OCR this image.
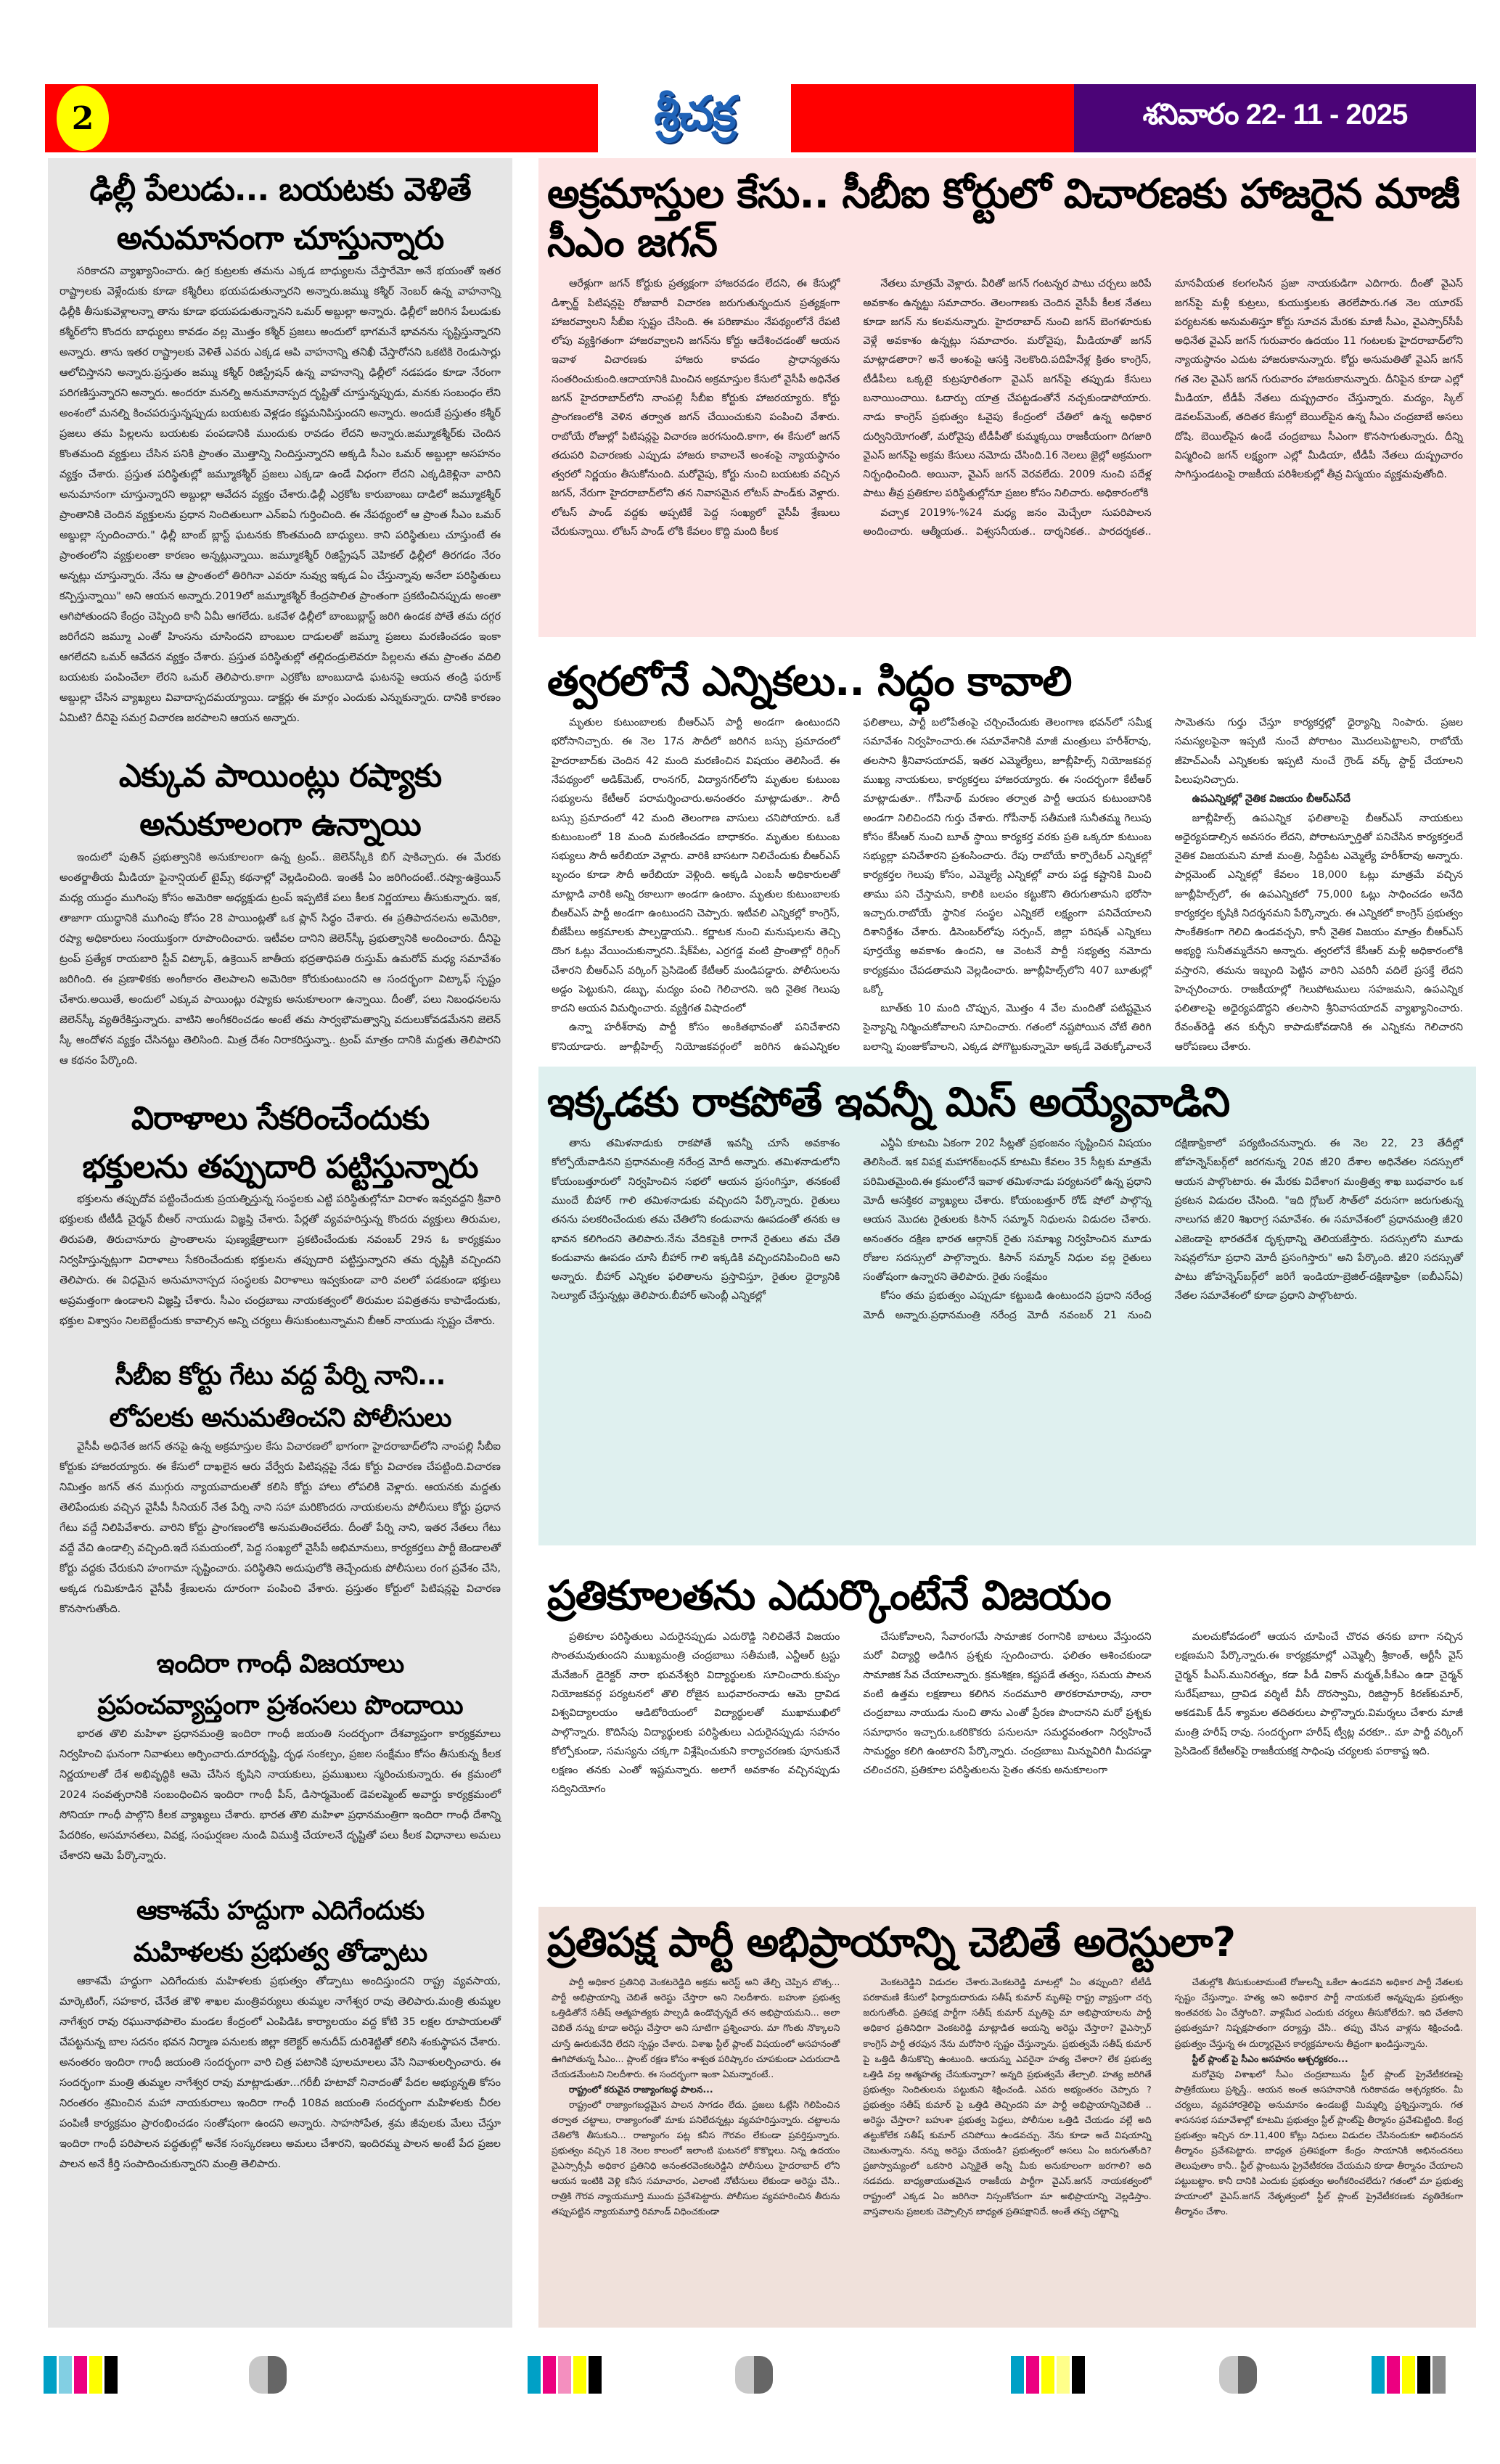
2	శ్రీచక్ర	శనివారం 22- 11 - 2025
ఢిల్లీ పేలుడు... బయటకు వెళితే
అనుమానంగా చూస్తున్నారు

సరికాదని వ్యాఖ్యానించారు. ఉగ్ర కుట్రలకు తమను ఎక్కడ బాధ్యులను చేస్తారేమో అనే భయంతో ఇతర రాష్ట్రాలకు వెళ్లేందుకు కూడా కశ్మీరీలు భయపడుతున్నారని అన్నారు.జమ్ము కశ్మీర్ నెంబర్ ఉన్న వాహనాన్ని ఢిల్లీకి తీసుకువెళ్లాలన్నా తాను కూడా భయపడుతున్నానని ఒమర్ అబ్దుల్లా అన్నారు. ఢిల్లీలో జరిగిన పేలుడుకు కశ్మీర్‌లోని కొందరు బాధ్యులు కావడం వల్ల మొత్తం కశ్మీర్ ప్రజలు అందులో భాగమనే భావనను సృష్టిస్తున్నారని అన్నారు. తాను ఇతర రాష్ట్రాలకు వెళితే ఎవరు ఎక్కడ ఆపి వాహనాన్ని తనిఖీ చేస్తారోనని ఒకటికి రెండుసార్లు ఆలోచిస్తానని అన్నారు.ప్రస్తుతం జమ్ము కశ్మీర్ రిజిస్ట్రేషన్ ఉన్న వాహనాన్ని ఢిల్లీలో నడపడం కూడా నేరంగా పరిగణిస్తున్నారని అన్నారు. అందరూ మనల్ని అనుమానాస్పద దృష్టితో చూస్తున్నప్పుడు, మనకు సంబంధం లేని అంశంలో మనల్ని కించపరుస్తున్నప్పుడు బయటకు వెళ్లడం కష్టమనిపిస్తుందని అన్నారు. అందుకే ప్రస్తుతం కశ్మీర్ ప్రజలు తమ పిల్లలను బయటకు పంపడానికి ముందుకు రావడం లేదని అన్నారు.జమ్మూకశ్మీర్‌కు చెందిన కొంతమంది వ్యక్తులు చేసిన పనికి ప్రాంతం మొత్తాన్ని నిందిస్తున్నారని అక్కడి సీఎం ఒమర్ అబ్దుల్లా అసహనం వ్యక్తం చేశారు. ప్రస్తుత పరిస్థితుల్లో జమ్మూకశ్మీర్ ప్రజలు ఎక్కడా ఉండే విధంగా లేదని ఎక్కడికెళ్లినా వారిని అనుమానంగా చూస్తున్నారని అబ్దుల్లా ఆవేదన వ్యక్తం చేశారు.ఢిల్లీ ఎర్రకోట కారుబాంబు దాడిలో జమ్మూకశ్మీర్ ప్రాంతానికి చెందిన వ్యక్తులను ప్రధాన నిందితులుగా ఎన్ఐఏ గుర్తించింది. ఈ నేపథ్యంలో ఆ ప్రాంత సీఎం ఒమర్ అబ్దుల్లా స్పందించారు." ఢిల్లీ బాంబ్ బ్లాస్ట్ ఘటనకు కొంతమంది బాధ్యులు. కాని పరిస్థితులు చూస్తుంటే ఈ ప్రాంతంలోని వ్యక్తులంతా కారణం అన్నట్లున్నాయి. జమ్మూకశ్మీర్ రిజిస్ట్రేషన్ వెహికల్ ఢిల్లీలో తిరగడం నేరం అన్నట్లు చూస్తున్నారు. నేను ఆ ప్రాంతంలో తిరిగినా ఎవరూ నువ్వు ఇక్కడ ఏం చేస్తున్నావు అనేలా పరిస్థితులు కన్పిస్తున్నాయి" అని ఆయన అన్నారు.2019లో జమ్మూకశ్మీర్ కేంద్రపాలిత ప్రాంతంగా ప్రకటించినప్పుడు అంతా ఆగిపోతుందని కేంద్రం చెప్పింది కానీ ఏమీ ఆగలేదు. ఒకవేళ ఢిల్లీలో బాంబుబ్లాస్ట్ జరిగి ఉండక పోతే తమ దగ్గర జరిగేదని జమ్మూ ఎంతో హింసను చూసిందని బాంబుల దాడులతో జమ్మూ ప్రజలు మరణించడం ఇంకా ఆగలేదని ఒమర్ ఆవేదన వ్యక్తం చేశారు. ప్రస్తుత పరిస్థితుల్లో తల్లిదండ్రులెవరూ పిల్లలను తమ ప్రాంతం వదిలి బయటకు పంపించేలా లేరని ఒమర్ తెలిపారు.కాగా ఎర్రకోట బాంబుదాడి ఘటనపై ఆయన తండ్రి ఫరూక్ అబ్దుల్లా చేసిన వ్యాఖ్యలు వివాదాస్పదమయ్యాయి. డాక్టర్లు ఈ మార్గం ఎందుకు ఎన్నుకున్నారు. దానికి కారణం ఏమిటి? దీనిపై సమగ్ర విచారణ జరపాలని ఆయన అన్నారు.

ఎక్కువ పాయింట్లు రష్యాకు
అనుకూలంగా ఉన్నాయి

ఇందులో పుతిన్ ప్రభుత్వానికి అనుకూలంగా ఉన్న ట్రంప్.. జెలెన్‌స్కీకి బిగ్ షాకిచ్చారు. ఈ మేరకు అంతర్జాతీయ మీడియా ఫైనాన్షియల్ టైమ్స్ కథనాల్లో వెల్లడించింది. ఇంతకీ ఏం జరిగిందంటే..రష్యా-ఉక్రెయిన్ మధ్య యుద్ధం ముగింపు కోసం అమెరికా అధ్యక్షుడు ట్రంప్ ఇప్పటికే పలు కీలక నిర్ణయాలు తీసుకున్నారు. ఇక, తాజాగా యుద్ధానికి ముగింపు కోసం 28 పాయింట్లతో ఒక ప్లాన్ సిద్ధం చేశారు. ఈ ప్రతిపాదనలను అమెరికా, రష్యా అధికారులు సంయుక్తంగా రూపొందించారు. ఇటీవల దానిని జెలెన్‌స్కీ ప్రభుత్వానికి అందించారు. దీనిపై ట్రంప్ ప్రత్యేక రాయబారి స్టీవ్ విట్కాఫ్, ఉక్రెయిన్ జాతీయ భద్రతాధిపతి రుస్తుమ్ ఉమరోవ్ మధ్య సమావేశం జరిగింది. ఈ ప్రణాళికకు అంగీకారం తెలపాలని అమెరికా కోరుకుంటుందని ఆ సందర్భంగా విట్కాఫ్ స్పష్టం చేశారు.అయితే, అందులో ఎక్కువ పాయింట్లు రష్యాకు అనుకూలంగా ఉన్నాయి. దీంతో, పలు నిబంధనలను జెలెన్‌స్కీ వ్యతిరేకిస్తున్నారు. వాటిని అంగీకరించడం అంటే తమ సార్వభౌమత్వాన్ని వదులుకోవడమేనని జెలెన్ స్కీ ఆందోళన వ్యక్తం చేసినట్టు తెలిసింది. మిత్ర దేశం నిరాకరిస్తున్నా.. ట్రంప్ మాత్రం దానికి మద్దతు తెలిపారని ఆ కథనం పేర్కొంది.

విరాళాలు సేకరించేందుకు
భక్తులను తప్పుదారి పట్టిస్తున్నారు

భక్తులను తప్పుదోవ పట్టించేందుకు ప్రయత్నిస్తున్న సంస్థలకు ఎట్టి పరిస్థితుల్లోనూ విరాళం ఇవ్వవద్దని శ్రీవారి భక్తులకు టీటీడీ చైర్మన్ బీఆర్ నాయుడు విజ్ఞప్తి చేశారు. పేర్లతో వ్యవహరిస్తున్న కొందరు వ్యక్తులు తిరుమల, తిరుపతి, తిరుచానూరు ప్రాంతాలను పుణ్యక్షేత్రాలుగా ప్రకటించేందుకు నవంబర్ 29న ఓ కార్యక్రమం నిర్వహిస్తున్నట్లుగా విరాళాలు సేకరించేందుకు భక్తులను తప్పుదారి పట్టిస్తున్నారని తమ దృష్టికి వచ్చిందని తెలిపారు. ఈ విధమైన అనుమానాస్పద సంస్థలకు విరాళాలు ఇవ్వకుండా వారి వలలో పడకుండా భక్తులు అప్రమత్తంగా ఉండాలని విజ్ఞప్తి చేశారు. సీఎం చంద్రబాబు నాయకత్వంలో తిరుమల పవిత్రతను కాపాడేందుకు, భక్తుల విశ్వాసం నిలబెట్టేందుకు కావాల్సిన అన్ని చర్యలు తీసుకుంటున్నామని బీఆర్ నాయుడు స్పష్టం చేశారు.

సీబీఐ కోర్టు గేటు వద్ద పేర్ని నాని...
లోపలకు అనుమతించని పోలీసులు

వైసీపీ అధినేత జగన్ తనపై ఉన్న అక్రమాస్తుల కేసు విచారణలో భాగంగా హైదరాబాద్‌లోని నాంపల్లి సీబీఐ కోర్టుకు హాజరయ్యారు. ఈ కేసులో దాఖలైన ఆరు వేర్వేరు పిటిషన్లపై నేడు కోర్టు విచారణ చేపట్టింది.విచారణ నిమిత్తం జగన్ తన ముగ్గురు న్యాయవాదులతో కలిసి కోర్టు హాలు లోపలికి వెళ్లారు. ఆయనకు మద్దతు తెలిపేందుకు వచ్చిన వైసీపీ సీనియర్ నేత పేర్ని నాని సహా మరికొందరు నాయకులను పోలీసులు కోర్టు ప్రధాన గేటు వద్దే నిలిపివేశారు. వారిని కోర్టు ప్రాంగణంలోకి అనుమతించలేదు. దీంతో పేర్ని నాని, ఇతర నేతలు గేటు వద్దే వేచి ఉండాల్సి వచ్చింది.ఇదే సమయంలో, పెద్ద సంఖ్యలో వైసీపీ అభిమానులు, కార్యకర్తలు పార్టీ జెండాలతో కోర్టు వద్దకు చేరుకుని హంగామా సృష్టించారు. పరిస్థితిని అదుపులోకి తెచ్చేందుకు పోలీసులు రంగ ప్రవేశం చేసి, అక్కడ గుమికూడిన వైసీపీ శ్రేణులను దూరంగా పంపించి వేశారు. ప్రస్తుతం కోర్టులో పిటిషన్లపై విచారణ కొనసాగుతోంది.

ఇందిరా గాంధీ విజయాలు
ప్రపంచవ్యాప్తంగా ప్రశంసలు పొందాయి

భారత తొలి మహిళా ప్రధానమంత్రి ఇందిరా గాంధీ జయంతి సందర్భంగా దేశవ్యాప్తంగా కార్యక్రమాలు నిర్వహించి ఘనంగా నివాళులు అర్పించారు.దూరదృష్టి, దృఢ సంకల్పం, ప్రజల సంక్షేమం కోసం తీసుకున్న కీలక నిర్ణయాలతో దేశ అభివృద్ధికి ఆమె చేసిన కృషిని నాయకులు, ప్రముఖులు స్మరించుకున్నారు. ఈ క్రమంలో 2024 సంవత్సరానికి సంబంధించిన ఇందిరా గాంధీ పీస్, డిసార్మమెంట్ డెవలప్మెంట్ అవార్డు కార్యక్రమంలో సోనియా గాంధీ పాల్గొని కీలక వ్యాఖ్యలు చేశారు. భారత తొలి మహిళా ప్రధానమంత్రిగా ఇందిరా గాంధీ దేశాన్ని పేదరికం, అసమానతలు, వివక్ష, సంఘర్షణల నుండి విముక్తి చేయాలనే దృష్టితో పలు కీలక విధానాలు అమలు చేశారని ఆమె పేర్కొన్నారు.

ఆకాశమే హద్దుగా ఎదిగేందుకు
మహిళలకు ప్రభుత్వ తోడ్పాటు

ఆకాశమే హద్దుగా ఎదిగేందుకు మహిళలకు ప్రభుత్వం తోడ్పాటు అందిస్తుందని రాష్ట్ర వ్యవసాయ, మార్కెటింగ్, సహకార, చేనేత జౌళి శాఖల మంత్రివర్యులు తుమ్మల నాగేశ్వర రావు తెలిపారు.మంత్రి తుమ్మల నాగేశ్వర రావు రఘునాథపాలెం మండల కేంద్రంలో ఎంపిడిఓ కార్యాలయం వద్ద కోటి 35 లక్షల రూపాయలతో చేపట్టనున్న బాల సదనం భవన నిర్మాణ పనులకు జిల్లా కలెక్టర్ అనుదీప్ దురిశెట్టితో కలిసి శంకుస్థాపన చేశారు. అనంతరం ఇందిరా గాంధీ జయంతి సందర్భంగా వారి చిత్ర పటానికి పూలమాలలు వేసి నివాళులర్పించారు. ఈ సందర్భంగా మంత్రి తుమ్మల నాగేశ్వర రావు మాట్లాడుతూ...గరీబీ హటావో నినాదంతో పేదల అభ్యున్నతి కోసం నిరంతరం శ్రమించిన మహా నాయకురాలు ఇందిరా గాంధీ 108వ జయంతి సందర్భంగా మహిళలకు చీరల పంపిణీ కార్యక్రమం ప్రారంభించడం సంతోషంగా ఉందని అన్నారు. సాహసోపేత, శ్రమ జీవులకు మేలు చేస్తూ ఇందిరా గాంధీ పరిపాలన పద్ధతుల్లో అనేక సంస్కరణలు అమలు చేశారని, ఇందిరమ్మ పాలన అంటే పేద ప్రజల పాలన అనే కీర్తి సంపాదించుకున్నారని మంత్రి తెలిపారు.

అక్రమాస్తుల కేసు.. సీబీఐ కోర్టులో విచారణకు హాజరైన మాజీ సీఎం జగన్

ఆరేళ్లుగా జగన్ కోర్టుకు ప్రత్యక్షంగా హాజరవడం లేదని, ఈ కేసుల్లో డిశ్చార్జ్ పిటిషన్లపై రోజువారీ విచారణ జరుగుతున్నందున ప్రత్యక్షంగా హాజరవ్వాలని సీబీఐ స్పష్టం చేసింది. ఈ పరిణామం నేపథ్యంలోనే రేపటి లోపు వ్యక్తిగతంగా హాజరవ్వాలని జగన్‌ను కోర్టు ఆదేశించడంతో ఆయన ఇవాళ విచారణకు హాజరు కావడం ప్రాధాన్యతను సంతరించుకుంది.ఆదాయానికి మించిన అక్రమాస్తుల కేసులో వైసీపీ అధినేత జగన్ హైదరాబాద్‌లోని నాంపల్లి సీబీఐ కోర్టుకు హాజరయ్యారు. కోర్టు ప్రాంగణంలోకి వెళిన తర్వాత జగన్ చేయించుకుని పంపించి వేశారు. రాబోయే రోజుల్లో పిటిషన్లపై విచారణ జరగనుంది.కాగా, ఈ కేసులో జగన్ తదుపరి విచారణకు ఎప్పుడు హాజరు కావాలనే అంశంపై న్యాయస్థానం త్వరలో నిర్ణయం తీసుకోనుంది. మరోవైపు, కోర్టు నుంచి బయటకు వచ్చిన జగన్, నేరుగా హైదరాబాద్‌లోని తన నివాసమైన లోటస్ పాండ్‌కు వెళ్లారు. లోటస్ పాండ్ వద్దకు అప్పటికే పెద్ద సంఖ్యలో వైసీపీ శ్రేణులు చేరుకున్నాయి. లోటస్ పాండ్ లోకి కేవలం కొద్ది మంది కీలక

నేతలు మాత్రమే వెళ్లారు. వీరితో జగన్ గంటన్నర పాటు చర్చలు జరిపే అవకాశం ఉన్నట్టు సమాచారం. తెలంగాణకు చెందిన వైసీపీ కీలక నేతలు కూడా జగన్ ను కలవనున్నారు. హైదరాబాద్ నుంచి జగన్ బెంగళూరుకు వెళ్లే అవకాశం ఉన్నట్లు సమాచారం. మరోవైపు, మీడియాతో జగన్ మాట్లాడతారా? అనే అంశంపై ఆసక్తి నెలకొంది.పదిహేనేళ్ల క్రితం కాంగ్రెస్, టీడీపీలు ఒక్కటై కుట్రపూరితంగా వైఎస్ జగన్‌పై తప్పుడు కేసులు బనాయించాయి. ఓదార్పు యాత్ర చేపట్టడంతోనే నచ్చకుండాపోయారు. నాడు కాంగ్రెస్ ప్రభుత్వం ఓవైపు కేంద్రంలో చేతిలో ఉన్న అధికార దుర్వినియోగంతో, మరోవైపు టీడీపీతో కుమ్మక్కయి రాజకీయంగా దిగజారి వైఎస్ జగన్‌పై అక్రమ కేసులు నమోదు చేసింది.16 నెలలు జైల్లో అక్రమంగా నిర్బంధించింది. అయినా, వైఎస్ జగన్ వెరవలేదు. 2009 నుంచి పదేళ్ల పాటు తీవ్ర ప్రతికూల పరిస్థితుల్లోనూ ప్రజల కోసం నిలిచారు. అధికారంలోకి

వచ్చాక 2019%-%24 మధ్య జనం మెచ్చేలా సుపరిపాలన అందించారు. ఆత్మీయత.. విశ్వసనీయత.. దార్శనికత.. పారదర్శకత.. మానవీయత కలగలసిన ప్రజా నాయకుడిగా ఎదిగారు. దీంతో వైఎస్ జగన్‌పై మళ్లీ కుట్రలు, కుయుక్తులకు తెరలేపారు.గత నెల యూరప్ పర్యటనకు అనుమతిస్తూ కోర్టు సూచన మేరకు మాజీ సీఎం, వైఎస్సార్‌సీపీ అధినేత వైఎస్ జగన్ గురువారం ఉదయం 11 గంటలకు హైదరాబాద్‌లోని న్యాయస్థానం ఎదుట హాజరుకానున్నారు. కోర్టు అనుమతితో వైఎస్ జగన్ గత నెల వైఎస్ జగన్ గురువారం హాజరుకానున్నారు. దీనిపైన కూడా ఎల్లో మీడియా, టీడీపీ నేతలు దుష్ప్రచారం చేస్తున్నారు. మద్యం, స్కిల్ డెవలప్‌మెంట్, తదితర కేసుల్లో బెయిల్‌పైన ఉన్న సీఎం చంద్రబాబే అసలు దోషి. బెయిల్‌పైన ఉండే చంద్రబాబు సీఎంగా కొనసాగుతున్నారు. దీన్ని విస్మరించి జగన్ లక్ష్యంగా ఎల్లో మీడియా, టీడీపీ నేతలు దుష్ప్రచారం సాగిస్తుండటంపై రాజకీయ పరిశీలకుల్లో తీవ్ర విస్మయం వ్యక్తమవుతోంది.

త్వరలోనే ఎన్నికలు.. సిద్ధం కావాలి

మృతుల కుటుంబాలకు బీఆర్ఎస్ పార్టీ అండగా ఉంటుందని భరోసానిచ్చారు. ఈ నెల 17న సౌదీలో జరిగిన బస్సు ప్రమాదంలో హైదరాబాద్‌కు చెందిన 42 మంది మరణించిన విషయం తెలిసిందే. ఈ నేపథ్యంలో అడిక్‌మెట్, రాంనగర్, విద్యానగర్‌లోని మృతుల కుటుంబ సభ్యులను కేటీఆర్ పరామర్శించారు.అనంతరం మాట్లాడుతూ.. సౌదీ బస్సు ప్రమాదంలో 42 మంది తెలంగాణ వాసులు చనిపోయారు. ఒకే కుటుంబంలో 18 మంది మరణించడం బాధాకరం. మృతుల కుటుంబ సభ్యులు సౌదీ అరేబియా వెళ్లారు. వారికి బాసటగా నిలిచేందుకు బీఆర్ఎస్ బృందం కూడా సౌదీ అరేబియా వెళ్లింది. అక్కడి ఎంబసీ అధికారులతో మాట్లాడి వారికి అన్ని రకాలుగా అండగా ఉంటాం. మృతుల కుటుంబాలకు బీఆర్ఎస్ పార్టీ అండగా ఉంటుందని చెప్పారు. ఇటీవలి ఎన్నికల్లో కాంగ్రెస్, బీజేపీలు అక్రమాలకు పాల్పడ్డాయని.. కర్ణాటక నుంచి మనుషులను తెచ్చి దొంగ ఓట్లు వేయించుకున్నారని..షేక్‌పేట, ఎర్రగడ్డ వంటి ప్రాంతాల్లో రిగ్గింగ్ చేశారని బీఆర్ఎస్ వర్కింగ్ ప్రెసిడెంట్ కేటీఆర్ మండిపడ్డారు. పోలీసులను అడ్డం పెట్టుకుని, డబ్బు, మద్యం పంచి గెలిచారని. ఇది నైతిక గెలుపు కాదని ఆయన విమర్శించారు. వ్యక్తిగత విషాదంలో

ఉన్నా హరీశ్‌రావు పార్టీ కోసం అంకితభావంతో పనిచేశారని కొనియాడారు. జూబ్లీహిల్స్ నియోజకవర్గంలో జరిగిన ఉపఎన్నికల ఫలితాలు, పార్టీ బలోపేతంపై చర్చించేందుకు తెలంగాణ భవన్‌లో సమీక్ష సమావేశం నిర్వహించారు.ఈ సమావేశానికి మాజీ మంత్రులు హరీశ్‌రావు, తలసాని శ్రీనివాసయాదవ్, ఇతర ఎమ్మెల్యేలు, జూబ్లీహిల్స్ నియోజకవర్గ ముఖ్య నాయకులు, కార్యకర్తలు హాజరయ్యారు. ఈ సందర్భంగా కేటీఆర్ మాట్లాడుతూ.. గోపీనాథ్ మరణం తర్వాత పార్టీ ఆయన కుటుంబానికి అండగా నిలిచిందని గుర్తు చేశారు. గోపీనాథ్ సతీమణి సునీతమ్మ గెలుపు కోసం కేసీఆర్ నుంచి బూత్ స్థాయి కార్యకర్త వరకు ప్రతి ఒక్కరూ కుటుంబ సభ్యుల్లా పనిచేశారని ప్రశంసించారు. రేపు రాబోయే కార్పొరేటర్ ఎన్నికల్లో కార్యకర్తల గెలుపు కోసం, ఎమ్మెల్యే ఎన్నికల్లో వారు పడ్డ కష్టానికి మించి తాము పని చేస్తామని, కాలికి బలపం కట్టుకొని తిరుగుతామని భరోసా ఇచ్చారు.రాబోయే స్థానిక సంస్థల ఎన్నికలే లక్ష్యంగా పనిచేయాలని దిశానిర్దేశం చేశారు. డిసెంబర్‌లోపు సర్పంచ్, జిల్లా పరిషత్ ఎన్నికలు పూర్తయ్యే అవకాశం ఉందని, ఆ వెంటనే పార్టీ సభ్యత్వ నమోదు కార్యక్రమం చేపడతామని వెల్లడించారు. జూబ్లీహిల్స్‌లోని 407 బూతుల్లో ఒక్కో

బూత్‌కు 10 మంది చొప్పున, మొత్తం 4 వేల మందితో పటిష్టమైన సైన్యాన్ని నిర్మించుకోవాలని సూచించారు. గతంలో నష్టపోయిన చోటే తిరిగి బలాన్ని పుంజుకోవాలని, ఎక్కడ పోగొట్టుకున్నామో అక్కడే వెతుక్కోవాలనే సామెతను గుర్తు చేస్తూ కార్యకర్తల్లో ధైర్యాన్ని నింపారు. ప్రజల సమస్యలపైనా ఇప్పటి నుంచే పోరాటం మొదలుపెట్టాలని, రాబోయే జీహెచ్ఎంసీ ఎన్నికలకు ఇప్పటి నుంచే గ్రౌండ్ వర్క్ స్టార్ట్ చేయాలని పిలుపునిచ్చారు.

ఉపఎన్నికల్లో నైతిక విజయం బీఆర్ఎస్‌దే

జూబ్లీహిల్స్ ఉపఎన్నిక ఫలితాలపై బీఆర్ఎస్ నాయకులు అధైర్యపడాల్సిన అవసరం లేదని, పోరాటస్ఫూర్తితో పనిచేసిన కార్యకర్తలదే నైతిక విజయమని మాజీ మంత్రి, సిద్దిపేట ఎమ్మెల్యే హరీశ్‌రావు అన్నారు. పార్లమెంట్ ఎన్నికల్లో కేవలం 18,000 ఓట్లు మాత్రమే వచ్చిన జూబ్లీహిల్స్‌లో, ఈ ఉపఎన్నికలో 75,000 ఓట్లు సాధించడం అనేది కార్యకర్తల కృషికి నిదర్శనమని పేర్కొన్నారు. ఈ ఎన్నికలో కాంగ్రెస్ ప్రభుత్వం సాంకేతికంగా గెలిచి ఉండవచ్చని, కానీ నైతిక విజయం మాత్రం బీఆర్ఎస్ అభ్యర్థి సునీతమ్మదేనని అన్నారు. త్వరలోనే కేసీఆర్ మళ్లీ అధికారంలోకి వస్తారని, తమను ఇబ్బంది పెట్టిన వారిని ఎవరినీ వదిలే ప్రసక్తే లేదని హెచ్చరించారు. రాజకీయాల్లో గెలుపోటములు సహజమని, ఉపఎన్నిక ఫలితాలపై అధైర్యపడొద్దని తలసాని శ్రీనివాసయాదవ్ వ్యాఖ్యానించారు. రేవంత్‌రెడ్డి తన కుర్చీని కాపాడుకోవడానికి ఈ ఎన్నికను గెలిచారని ఆరోపణలు చేశారు.

ఇక్కడకు రాకపోతే ఇవన్నీ మిస్ అయ్యేవాడిని

తాను తమిళనాడుకు రాకపోతే ఇవన్నీ చూసే అవకాశం కోల్పోయేవాడినని ప్రధానమంత్రి నరేంద్ర మోదీ అన్నారు. తమిళనాడులోని కోయంబత్తూరులో నిర్వహించిన సభలో ఆయన ప్రసంగిస్తూ, తనకంటే ముందే బీహార్ గాలి తమిళనాడుకు వచ్చిందని పేర్కొన్నారు. రైతులు తనను పలకరించేందుకు తమ చేతిలోని కండువాను ఊపడంతో తనకు ఆ భావన కలిగిందని తెలిపారు.నేను వేదికపైకి రాగానే రైతులు తమ చేతి కండువాను ఊపడం చూసి బీహార్ గాలి ఇక్కడికి వచ్చిందనిపించింది అని అన్నారు. బీహార్ ఎన్నికల ఫలితాలను ప్రస్తావిస్తూ, రైతుల ధైర్యానికి సెల్యూట్ చేస్తున్నట్లు తెలిపారు.బీహార్ అసెంబ్లీ ఎన్నికల్లో

ఎన్డీఏ కూటమి ఏకంగా 202 సీట్లతో ప్రభంజనం సృష్టించిన విషయం తెలిసిందే. ఇక విపక్ష మహాగఠ్‌బంధన్ కూటమి కేవలం 35 సీట్లకు మాత్రమే పరిమితమైంది.ఈ క్రమంలోనే ఇవాళ తమిళనాడు పర్యటనలో ఉన్న ప్రధాని మోదీ ఆసక్తికర వ్యాఖ్యలు చేశారు. కోయంబత్తూర్ రోడ్ షోలో పాల్గొన్న ఆయన మొదట రైతులకు కిసాన్ సమ్మాన్ నిధులను విడుదల చేశారు. అనంతరం దక్షిణ భారత ఆర్గానిక్ రైతు సమాఖ్య నిర్వహించిన మూడు రోజుల సదస్సులో పాల్గొన్నారు. కిసాన్ సమ్మాన్ నిధుల వల్ల రైతులు సంతోషంగా ఉన్నారని తెలిపారు. రైతు సంక్షేమం

కోసం తమ ప్రభుత్వం ఎప్పుడూ కట్టుబడి ఉంటుందని ప్రధాని నరేంద్ర మోదీ అన్నారు.ప్రధానమంత్రి నరేంద్ర మోదీ నవంబర్ 21 నుంచి దక్షిణాఫ్రికాలో పర్యటించనున్నారు. ఈ నెల 22, 23 తేదీల్లో జోహన్నెస్‌బర్గ్‌లో జరగనున్న 20వ జీ20 దేశాల అధినేతల సదస్సులో ఆయన పాల్గొంటారు. ఈ మేరకు విదేశాంగ మంత్రిత్వ శాఖ బుధవారం ఒక ప్రకటన విడుదల చేసింది. "ఇది గ్లోబల్ సౌత్‌లో వరుసగా జరుగుతున్న నాలుగవ జీ20 శిఖరాగ్ర సమావేశం. ఈ సమావేశంలో ప్రధానమంత్రి జీ20 ఎజెండాపై భారతదేశ దృక్పథాన్ని తెలియజేస్తారు. సదస్సులోని మూడు సెషన్లలోనూ ప్రధాని మోదీ ప్రసంగిస్తారు" అని పేర్కొంది. జీ20 సదస్సుతో పాటు జోహన్నెస్‌బర్గ్‌లో జరిగే ఇండియా-బ్రెజిల్-దక్షిణాఫ్రికా (ఐబీఎస్ఏ) నేతల సమావేశంలో కూడా ప్రధాని పాల్గొంటారు.

ప్రతికూలతను ఎదుర్కొంటేనే విజయం

ప్రతికూల పరిస్థితులు ఎదురైనప్పుడు ఎదురొడ్డి నిలిచితేనే విజయం సొంతమవుతుందని ముఖ్యమంత్రి చంద్రబాబు సతీమణి, ఎన్టీఆర్ ట్రస్టు మేనేజింగ్ డైరెక్టర్ నారా భువనేశ్వరి విద్యార్థులకు సూచించారు.కుప్పం నియోజకవర్గ పర్యటనలో తొలి రోజైన బుధవారంనాడు ఆమె ద్రావిడ విశ్వవిద్యాలయం ఆడిటోరియంలో విద్యార్థులతో ముఖాముఖిలో పాల్గొన్నారు. కొదిసేపు విద్యార్థులకు పరిస్థితులు ఎదురైనప్పుడు సహనం కోల్పోకుండా, సమస్యను చక్కగా విశ్లేషించుకుని కార్యాచరణకు పూనుకునే లక్షణం తనకు ఎంతో ఇష్టమన్నారు. అలాగే అవకాశం వచ్చినప్పుడు సద్వినియోగం

చేసుకోవాలని, సేవారంగమే సామాజిక రంగానికి బాటలు వేస్తుందని మరో విద్యార్థి అడిగిన ప్రశ్నకు స్పందించారు. ఫలితం ఆశించకుండా సామాజిక సేవ చేయాలన్నారు. క్రమశిక్షణ, కష్టపడే తత్వం, సమయ పాలన వంటి ఉత్తమ లక్షణాలు కలిగిన నందమూరి తారకరామారావు, నారా చంద్రబాబు నాయుడు నుంచి తాను ఎంతో ప్రేరణ పొందానని మరో ప్రశ్నకు సమాధానం ఇచ్చారు.ఒకరికొకరు పనులనూ సమర్థవంతంగా నిర్వహించే సామర్థ్యం కలిగి ఉంటారని పేర్కొన్నారు. చంద్రబాబు మిన్నువిరిగి మీదపడ్డా చలించరని, ప్రతికూల పరిస్థితులను సైతం తనకు అనుకూలంగా

మలచుకోవడంలో ఆయన చూపించే చొరవ తనకు బాగా నచ్చిన లక్షణమని పేర్కొన్నారు.ఈ కార్యక్రమాల్లో ఎమ్మెల్సీ శ్రీకాంత్, ఆర్టీసీ వైస్ చైర్మన్ పీఎస్.మునిరత్నం, కడా పీడీ వికాస్ మర్మత్,పీకేఎం ఉడా చైర్మన్ సురేష్‌బాబు, ద్రావిడ వర్శిటీ వీసీ దొరస్వామి, రిజిస్ట్రార్ కిరణ్‌కుమార్, అకడమిక్ డీన్ శ్యామల తదితరులు పాల్గొన్నారు.విమర్శలు చేశారు మాజీ మంత్రి హరీష్ రావు. సందర్భంగా హరీష్ ట్వీట్ల వరకూ.. మా పార్టీ వర్కింగ్ ప్రెసిడెంట్ కేటీఆర్‌పై రాజకీయకక్ష సాధింపు చర్యలకు పరాకాష్ట ఇది.

ప్రతిపక్ష పార్టీ అభిప్రాయాన్ని చెబితే అరెస్టులా?

పార్టీ అధికార ప్రతినిధి వెంకటరెడ్డిది అక్రమ అరెస్ట్ అని తేల్చి చెప్పిన బొత్స... పార్టీ అభిప్రాయాన్ని చెబితే అరెస్టు చేస్తారా అని నిలదీశారు. బహుశా ప్రభుత్వ ఒత్తిడితోనే సతీష్ ఆత్మహత్యకు పాల్పడి ఉండొచ్చన్నదే తన అభిప్రాయమని... అలా చెబితే నన్ను కూడా అరెస్టు చేస్తారా అని సూటిగా ప్రశ్నించారు. మా గొంతు నొక్కాలని చూస్తే ఊరుకునేది లేదని స్పష్టం చేశారు. విశాఖ స్టీల్ ప్లాంట్ విషయంలో అసహనంతో ఊగిపోతున్న సీఎం... ప్లాంట్ రక్షణ కోసం శాశ్వత పరిష్కారం చూపకుండా ఎదురుదాడి చేయడమేంటని నిలదీశారు. ఈ సందర్భంగా ఇంకా ఏమన్నారంటే..

రాష్ట్రంలో కరువైన రాజ్యాంగబద్ధ పాలన...

రాష్ట్రంలో రాజ్యాంగబద్ధమైన పాలన సాగడం లేదు. ప్రజలు ఓట్లేసి గెలిపించిన తర్వాత చట్టాలు, రాజ్యాంగంతో మాకు పనిలేదన్నట్లు వ్యవహరిస్తున్నారు. చట్టాలను చేతిలోకి తీసుకుని... రాజ్యాంగం పట్ల కనీస గౌరవం లేకుండా ప్రవర్తిస్తున్నారు. ప్రభుత్వం వచ్చిన 18 నెలల కాలంలో ఇలాంటి ఘటనలో కొకొల్లలు. నిన్న ఉదయం వైఎస్సార్సీపీ అధికార ప్రతినిధి అనంతరవెంకటరెడ్డిని పోలీసులు హైదరాబాద్ లోని ఆయన ఇంటికి వెళ్లి కనీస సమాచారం, ఎలాంటి నోటీసులు లేకుండా అరెస్టు చేసి.. రాత్రికి గౌరవ న్యాయమూర్తి ముందు ప్రవేశపెట్టారు. పోలీసుల వ్యవహరించిన తీరును తప్పుపట్టిన న్యాయమూర్తి రిమాండ్ విధించకుండా

వెంకటరెడ్డిని విడుదల చేశారు.వెంకటరెడ్డి మాటల్లో ఏం తప్పుంది? టీటీడీ పరకామణి కేసులో ఫిర్యాదుదారుడు సతీష్ కుమార్ మృతిపై రాష్ట్ర వ్యాప్తంగా చర్చ జరుగుతోంది. ప్రతిపక్ష పార్టీగా సతీష్ కుమార్ మృతిపై మా అభిప్రాయాలను పార్టీ అధికార ప్రతినిధిగా వెంకటరెడ్డి మాట్లాడిత ఆయన్ని అరెస్టు చేస్తారా? వైఎస్సార్ కాంగ్రెస్ పార్టీ తరపున నేను మరోసారి స్పష్టం చేస్తున్నాను. ప్రభుత్వమే సతీష్ కుమార్ పై ఒత్తిడి తీసుకొచ్చి ఉంటుంది. ఆయన్ను ఎవరైనా హత్య చేశారా? లేక ప్రభుత్వ ఒత్తిడి వల్ల ఆత్మహత్య చేసుకున్నారా? అన్నది ప్రభుత్వమే తేల్చాలి. హత్య జరిగితే ప్రభుత్వం నిందితులను పట్టుకుని శిక్షించండి. ఎవరు అభ్యంతరం చెప్పారు ? ప్రభుత్వం సతీష్ కుమార్ పై ఒత్తిడి తెచ్చిందని మా పార్టీ అభిప్రాయాన్నిచెబితే .. అరెస్టు చేస్తారా? బహుశా ప్రభుత్వ పెద్దలు, పోలీసుల ఒత్తిడి చేయడం వల్లే అది తట్టుకోలేక సతీష్ కుమార్ చనిపోయి ఉండవచ్చు. నేను కూడా అదే విషయాన్ని చెబుతున్నాను. నన్ను అరెస్టు చేయండి? ప్రభుత్వంలో అసలు ఏం జరుగుతోంది? ప్రజాస్వామ్యంలో ఒకసారి ఎన్నికైతే అన్నీ మీకు అనుకూలంగా జరగాలి? అది నడవదు. బాధ్యతాయుతమైన రాజకీయ పార్టీగా వైఎస్.జగన్ నాయకత్వంలో రాష్ట్రంలో ఎక్కడ ఏం జరిగినా నిస్సంకోచంగా మా అభిప్రాయాన్ని వెల్లడిస్తాం. వాస్తవాలను ప్రజలకు చెప్పాల్సిన బాధ్యత ప్రతిపక్షానిదే. అంతే తప్ప చట్టాన్ని

చేతుల్లోకి తీసుకుంటామంటే రోజులన్నీ ఒకేలా ఉండవని అధికార పార్టీ నేతలకు స్పష్టం చేస్తున్నాం. హత్య అని అధికార పార్టీ నాయకులే అన్నప్పుడు ప్రభుత్వం ఇంతవరకు ఏం చేస్తోంది?. వాళ్లమీద ఎందుకు చర్యలు తీసుకోలేదు?. ఇది చేతకాని ప్రభుత్వమా? నిష్పక్షపాతంగా దర్యాప్తు చేసి.. తప్పు చేసిన వాళ్లను శిక్షించండి. ప్రభుత్వం చేస్తున్న ఈ దుర్మార్గమైన కార్యక్రమాలను తీవ్రంగా ఖండిస్తున్నాను.

స్టీల్ ప్లాంట్ పై సీఎం అసహనం ఆశ్చర్యకరం...

మరోవైపు విశాఖలో సీఎం చంద్రబాబును స్టీల్ ప్లాంట్ ప్రైవేటీకరణపై పాత్రికేయులు ప్రశ్నిస్తే.. ఆయన అంత అసహనానికి గురికావడం ఆశ్చర్యకరం. మీ చర్యలు, వ్యవహారశైలిపై అనుమానం ఉండబట్టే మిమ్మల్ని ప్రశ్నిస్తున్నారు. గత శాసనసభ సమావేశాల్లో కూటమి ప్రభుత్వం స్టీల్ ప్లాంట్‌పై తీర్మానం ప్రవేశపెట్టింది. కేంద్ర ప్రభుత్వం ఇచ్చిన రూ.11,400 కోట్లు నిధులు విడుదల చేసినందుకూ అభినందన తీర్మానం ప్రవేశపెట్టారు. బాధ్యత ప్రతిపక్షంగా కేంద్రం సాయానికి అభినందనలు తెలుపుతాం కానీ.. స్టీల్ ప్లాంటును ప్రైవేటీకరణ చేయమని కూడా తీర్మానం చేయాలని పట్టుబట్టాం. కానీ దానికి ఎందుకు ప్రభుత్వం అంగీకరించలేదు? గతంలో మా ప్రభుత్వ హయాంలో వైఎస్.జగన్ నేతృత్వంలో స్టీల్ ప్లాంట్ ప్రైవేటీకరణకు వ్యతిరేకంగా తీర్మానం చేశాం.
